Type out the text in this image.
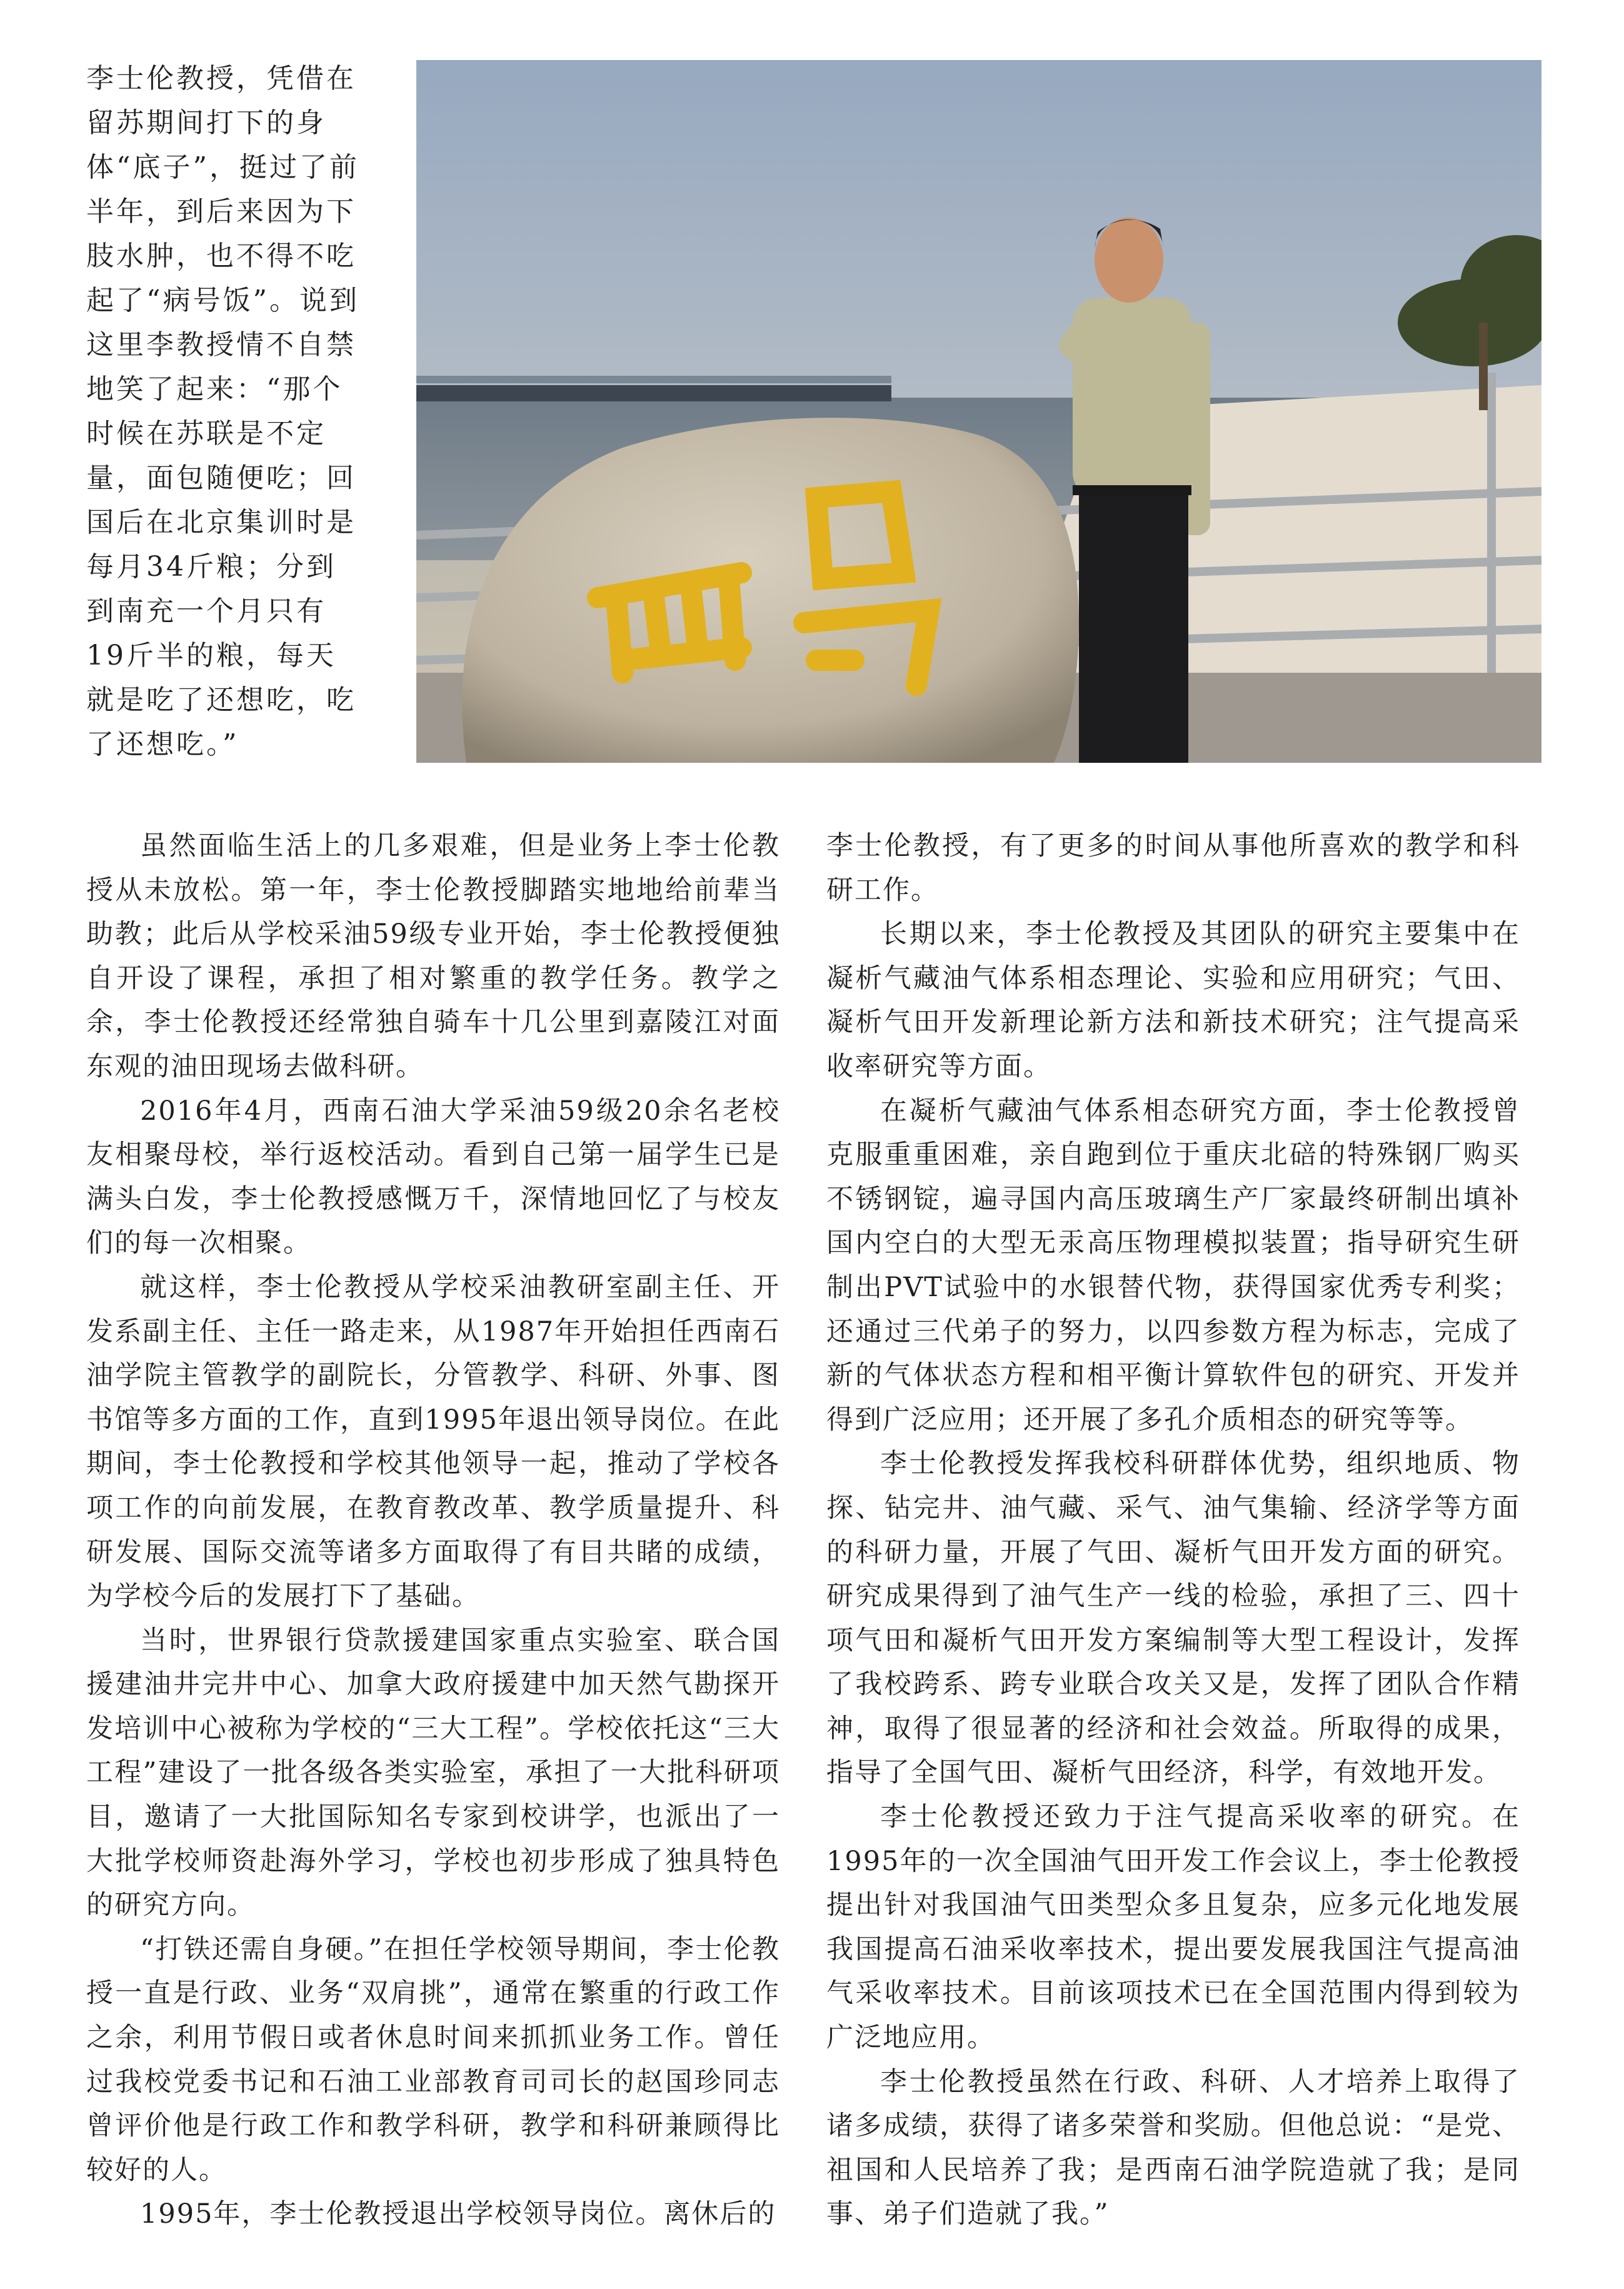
李士伦教授，凭借在留苏期间打下的身体“底子”，挺过了前半年，到后来因为下肢水肿，也不得不吃起了“病号饭”。说到这里李教授情不自禁地笑了起来：“那个时候在苏联是不定量，面包随便吃；回国后在北京集训时是每月34斤粮；分到到南充一个月只有19斤半的粮，每天就是吃了还想吃，吃了还想吃。”

虽然面临生活上的几多艰难，但是业务上李士伦教授从未放松。第一年，李士伦教授脚踏实地地给前辈当助教；此后从学校采油59级专业开始，李士伦教授便独自开设了课程，承担了相对繁重的教学任务。教学之余，李士伦教授还经常独自骑车十几公里到嘉陵江对面东观的油田现场去做科研。

2016年4月，西南石油大学采油59级20余名老校友相聚母校，举行返校活动。看到自己第一届学生已是满头白发，李士伦教授感慨万千，深情地回忆了与校友们的每一次相聚。

就这样，李士伦教授从学校采油教研室副主任、开发系副主任、主任一路走来，从1987年开始担任西南石油学院主管教学的副院长，分管教学、科研、外事、图书馆等多方面的工作，直到1995年退出领导岗位。在此期间，李士伦教授和学校其他领导一起，推动了学校各项工作的向前发展，在教育教改革、教学质量提升、科研发展、国际交流等诸多方面取得了有目共睹的成绩，为学校今后的发展打下了基础。

当时，世界银行贷款援建国家重点实验室、联合国援建油井完井中心、加拿大政府援建中加天然气勘探开发培训中心被称为学校的“三大工程”。学校依托这“三大工程”建设了一批各级各类实验室，承担了一大批科研项目，邀请了一大批国际知名专家到校讲学，也派出了一大批学校师资赴海外学习，学校也初步形成了独具特色的研究方向。

“打铁还需自身硬。”在担任学校领导期间，李士伦教授一直是行政、业务“双肩挑”，通常在繁重的行政工作之余，利用节假日或者休息时间来抓抓业务工作。曾任过我校党委书记和石油工业部教育司司长的赵国珍同志曾评价他是行政工作和教学科研，教学和科研兼顾得比较好的人。

1995年，李士伦教授退出学校领导岗位。离休后的

李士伦教授，有了更多的时间从事他所喜欢的教学和科研工作。

长期以来，李士伦教授及其团队的研究主要集中在凝析气藏油气体系相态理论、实验和应用研究；气田、凝析气田开发新理论新方法和新技术研究；注气提高采收率研究等方面。

在凝析气藏油气体系相态研究方面，李士伦教授曾克服重重困难，亲自跑到位于重庆北碚的特殊钢厂购买不锈钢锭，遍寻国内高压玻璃生产厂家最终研制出填补国内空白的大型无汞高压物理模拟装置；指导研究生研制出PVT试验中的水银替代物，获得国家优秀专利奖；还通过三代弟子的努力，以四参数方程为标志，完成了新的气体状态方程和相平衡计算软件包的研究、开发并得到广泛应用；还开展了多孔介质相态的研究等等。

李士伦教授发挥我校科研群体优势，组织地质、物探、钻完井、油气藏、采气、油气集输、经济学等方面的科研力量，开展了气田、凝析气田开发方面的研究。研究成果得到了油气生产一线的检验，承担了三、四十项气田和凝析气田开发方案编制等大型工程设计，发挥了我校跨系、跨专业联合攻关又是，发挥了团队合作精神，取得了很显著的经济和社会效益。所取得的成果，指导了全国气田、凝析气田经济，科学，有效地开发。

李士伦教授还致力于注气提高采收率的研究。在1995年的一次全国油气田开发工作会议上，李士伦教授提出针对我国油气田类型众多且复杂，应多元化地发展我国提高石油采收率技术，提出要发展我国注气提高油气采收率技术。目前该项技术已在全国范围内得到较为广泛地应用。

李士伦教授虽然在行政、科研、人才培养上取得了诸多成绩，获得了诸多荣誉和奖励。但他总说：“是党、祖国和人民培养了我；是西南石油学院造就了我；是同事、弟子们造就了我。”
